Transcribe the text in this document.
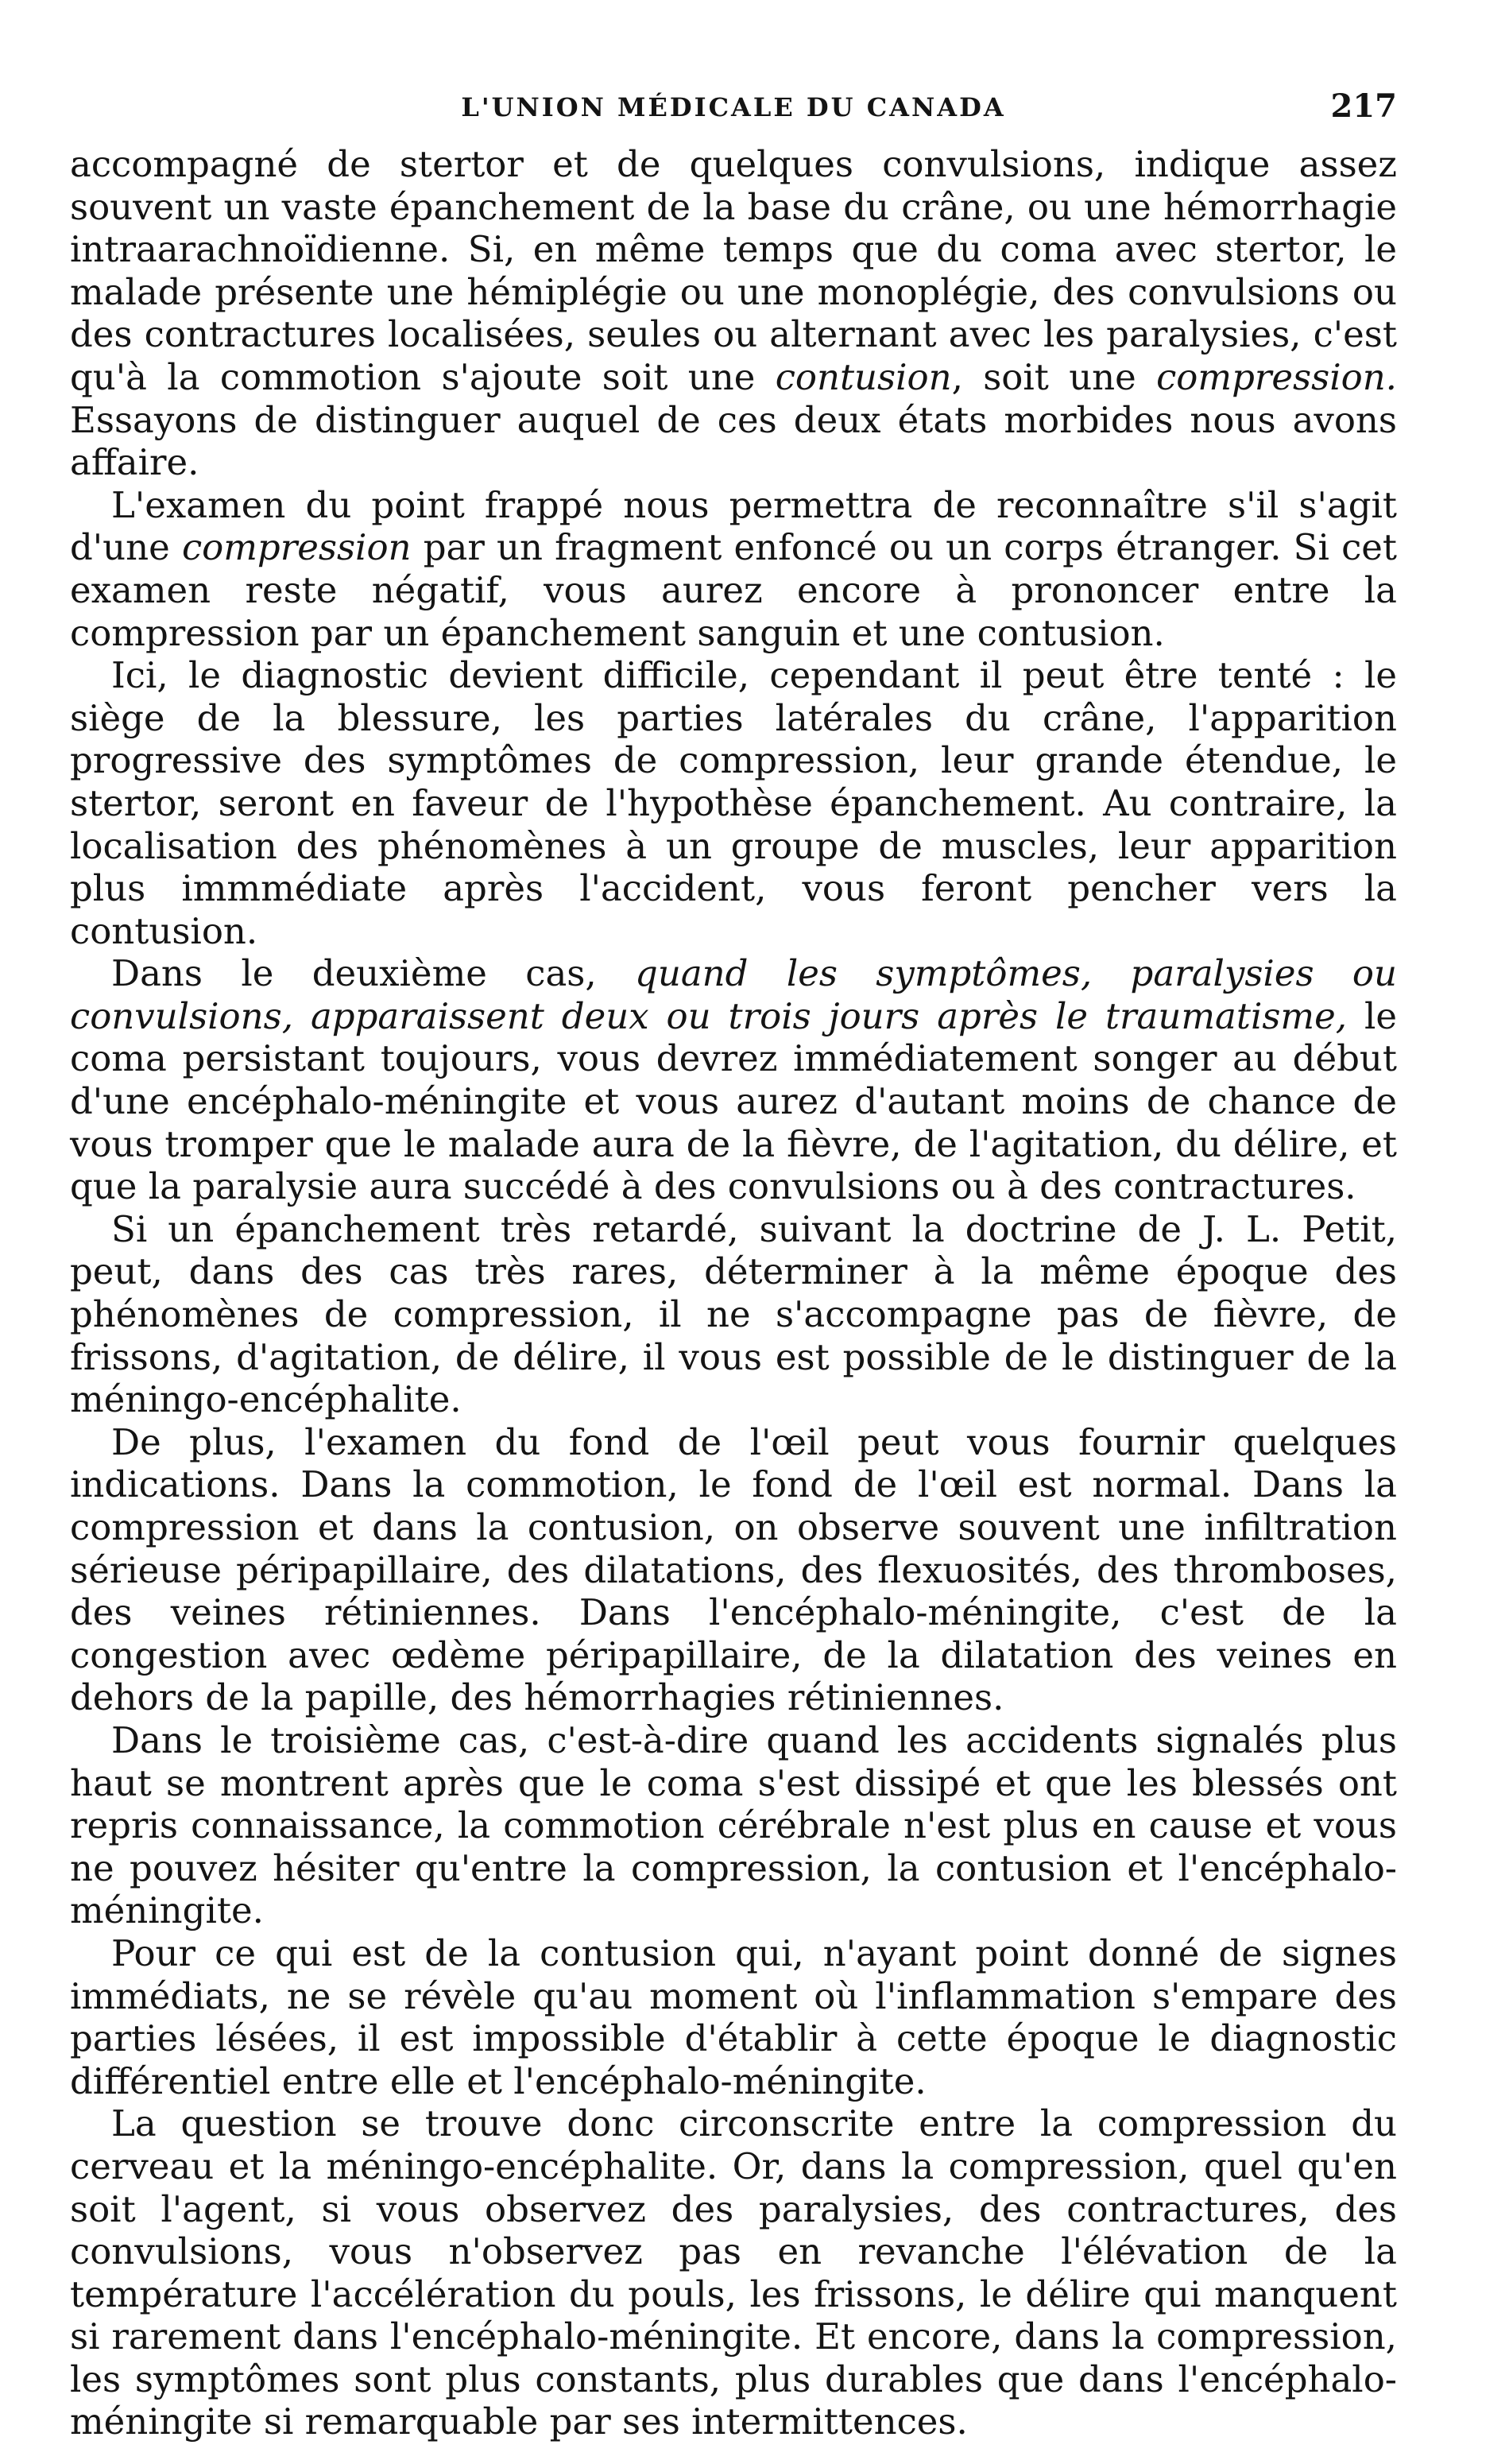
L'UNION MÉDICALE DU CANADA	217

accompagné de stertor et de quelques convulsions, indique assez souvent un vaste épanchement de la base du crâne, ou une hémorrhagie intraarachnoïdienne. Si, en même temps que du coma avec stertor, le malade présente une hémiplégie ou une monoplégie, des convulsions ou des contractures localisées, seules ou alternant avec les paralysies, c'est qu'à la commotion s'ajoute soit une contusion, soit une compression. Essayons de distinguer auquel de ces deux états morbides nous avons affaire.

L'examen du point frappé nous permettra de reconnaître s'il s'agit d'une compression par un fragment enfoncé ou un corps étranger. Si cet examen reste négatif, vous aurez encore à prononcer entre la compression par un épanchement sanguin et une contusion.

Ici, le diagnostic devient difficile, cependant il peut être tenté : le siège de la blessure, les parties latérales du crâne, l'apparition progressive des symptômes de compression, leur grande étendue, le stertor, seront en faveur de l'hypothèse épanchement. Au contraire, la localisation des phénomènes à un groupe de muscles, leur apparition plus immmédiate après l'accident, vous feront pencher vers la contusion.

Dans le deuxième cas, quand les symptômes, paralysies ou convulsions, apparaissent deux ou trois jours après le traumatisme, le coma persistant toujours, vous devrez immédiatement songer au début d'une encéphalo-méningite et vous aurez d'autant moins de chance de vous tromper que le malade aura de la fièvre, de l'agitation, du délire, et que la paralysie aura succédé à des convulsions ou à des contractures.

Si un épanchement très retardé, suivant la doctrine de J. L. Petit, peut, dans des cas très rares, déterminer à la même époque des phénomènes de compression, il ne s'accompagne pas de fièvre, de frissons, d'agitation, de délire, il vous est possible de le distinguer de la méningo-encéphalite.

De plus, l'examen du fond de l'œil peut vous fournir quelques indications. Dans la commotion, le fond de l'œil est normal. Dans la compression et dans la contusion, on observe souvent une infiltration sérieuse péripapillaire, des dilatations, des flexuosités, des thromboses, des veines rétiniennes. Dans l'encéphalo-méningite, c'est de la congestion avec œdème péripapillaire, de la dilatation des veines en dehors de la papille, des hémorrhagies rétiniennes.

Dans le troisième cas, c'est-à-dire quand les accidents signalés plus haut se montrent après que le coma s'est dissipé et que les blessés ont repris connaissance, la commotion cérébrale n'est plus en cause et vous ne pouvez hésiter qu'entre la compression, la contusion et l'encéphalo-méningite.

Pour ce qui est de la contusion qui, n'ayant point donné de signes immédiats, ne se révèle qu'au moment où l'inflammation s'empare des parties lésées, il est impossible d'établir à cette époque le diagnostic différentiel entre elle et l'encéphalo-méningite.

La question se trouve donc circonscrite entre la compression du cerveau et la méningo-encéphalite. Or, dans la compression, quel qu'en soit l'agent, si vous observez des paralysies, des contractures, des convulsions, vous n'observez pas en revanche l'élévation de la température l'accélération du pouls, les frissons, le délire qui manquent si rarement dans l'encéphalo-méningite. Et encore, dans la compression, les symptômes sont plus constants, plus durables que dans l'encéphalo-méningite si remarquable par ses intermittences.
